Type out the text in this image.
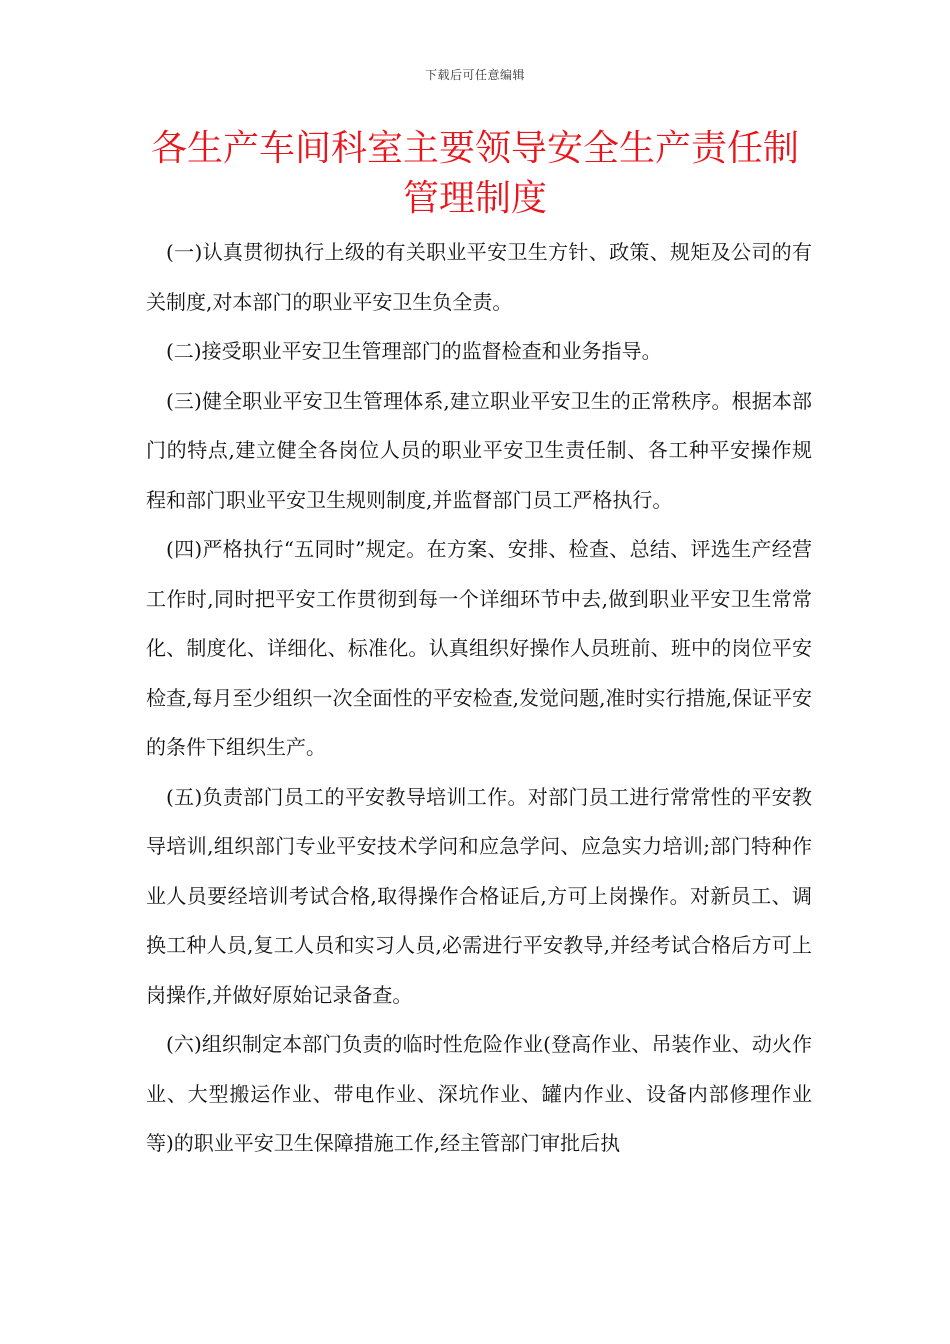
下载后可任意编辑
各生产车间科室主要领导安全生产责任制
管理制度

(一)认真贯彻执行上级的有关职业平安卫生方针、政策、规矩及公司的有关制度,对本部门的职业平安卫生负全责。

(二)接受职业平安卫生管理部门的监督检查和业务指导。

(三)健全职业平安卫生管理体系,建立职业平安卫生的正常秩序。根据本部门的特点,建立健全各岗位人员的职业平安卫生责任制、各工种平安操作规程和部门职业平安卫生规则制度,并监督部门员工严格执行。

(四)严格执行“五同时”规定。在方案、安排、检查、总结、评选生产经营工作时,同时把平安工作贯彻到每一个详细环节中去,做到职业平安卫生常常化、制度化、详细化、标准化。认真组织好操作人员班前、班中的岗位平安检查,每月至少组织一次全面性的平安检查,发觉问题,准时实行措施,保证平安的条件下组织生产。

(五)负责部门员工的平安教导培训工作。对部门员工进行常常性的平安教导培训,组织部门专业平安技术学问和应急学问、应急实力培训;部门特种作业人员要经培训考试合格,取得操作合格证后,方可上岗操作。对新员工、调换工种人员,复工人员和实习人员,必需进行平安教导,并经考试合格后方可上岗操作,并做好原始记录备查。

(六)组织制定本部门负责的临时性危险作业(登高作业、吊装作业、动火作业、大型搬运作业、带电作业、深坑作业、罐内作业、设备内部修理作业等)的职业平安卫生保障措施工作,经主管部门审批后执
